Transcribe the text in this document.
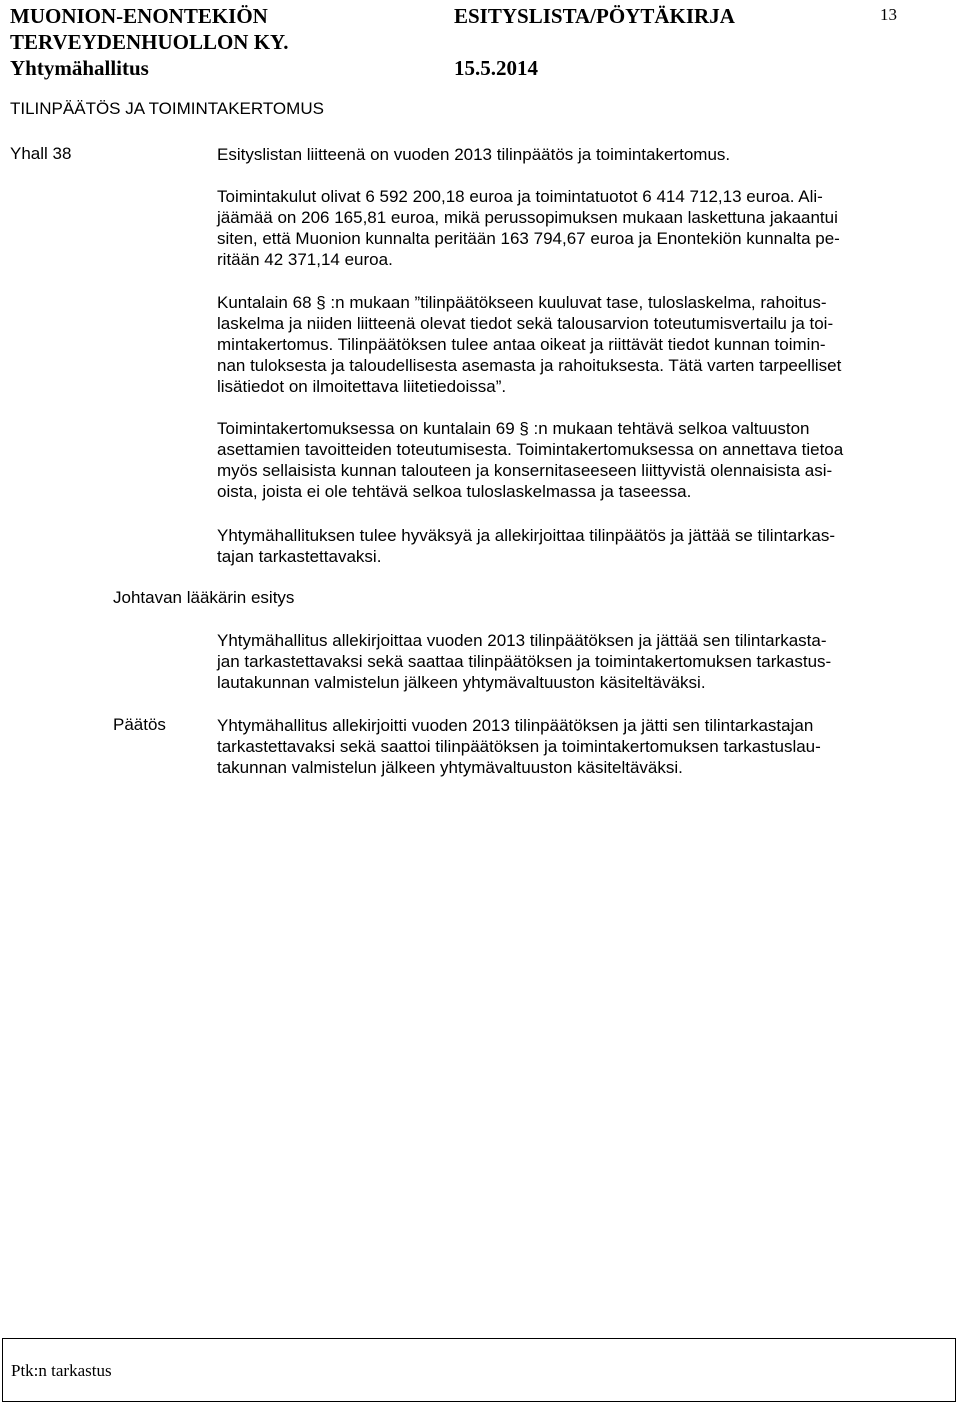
MUONION-ENONTEKIÖN
TERVEYDENHUOLLON KY.
Yhtymähallitus
ESITYSLISTA/PÖYTÄKIRJA
15.5.2014
13
TILINPÄÄTÖS JA TOIMINTAKERTOMUS
Yhall 38	Esityslistan liitteenä on vuoden 2013 tilinpäätös ja toimintakertomus.
Toimintakulut olivat 6 592 200,18 euroa ja toimintatuotot 6 414 712,13 euroa. Ali-
jäämää on 206 165,81 euroa, mikä perussopimuksen mukaan laskettuna jakaantui
siten, että Muonion kunnalta peritään 163 794,67 euroa ja Enontekiön kunnalta pe-
ritään 42 371,14 euroa.
Kuntalain 68 § :n mukaan ”tilinpäätökseen kuuluvat tase, tuloslaskelma, rahoitus-
laskelma ja niiden liitteenä olevat tiedot sekä talousarvion toteutumisvertailu ja toi-
mintakertomus. Tilinpäätöksen tulee antaa oikeat ja riittävät tiedot kunnan toimin-
nan tuloksesta ja taloudellisesta asemasta ja rahoituksesta. Tätä varten tarpeelliset
lisätiedot on ilmoitettava liitetiedoissa”.
Toimintakertomuksessa on kuntalain 69 § :n mukaan tehtävä selkoa valtuuston
asettamien tavoitteiden toteutumisesta. Toimintakertomuksessa on annettava tietoa
myös sellaisista kunnan talouteen ja konsernitaseeseen liittyvistä olennaisista asi-
oista, joista ei ole tehtävä selkoa tuloslaskelmassa ja taseessa.
Yhtymähallituksen tulee hyväksyä ja allekirjoittaa tilinpäätös ja jättää se tilintarkas-
tajan tarkastettavaksi.
Johtavan lääkärin esitys
Yhtymähallitus allekirjoittaa vuoden 2013 tilinpäätöksen ja jättää sen tilintarkasta-
jan tarkastettavaksi sekä saattaa tilinpäätöksen ja toimintakertomuksen tarkastus-
lautakunnan valmistelun jälkeen yhtymävaltuuston käsiteltäväksi.
Päätös	Yhtymähallitus allekirjoitti vuoden 2013 tilinpäätöksen ja jätti sen tilintarkastajan
tarkastettavaksi sekä saattoi tilinpäätöksen ja toimintakertomuksen tarkastuslau-
takunnan valmistelun jälkeen yhtymävaltuuston käsiteltäväksi.
Ptk:n tarkastus
